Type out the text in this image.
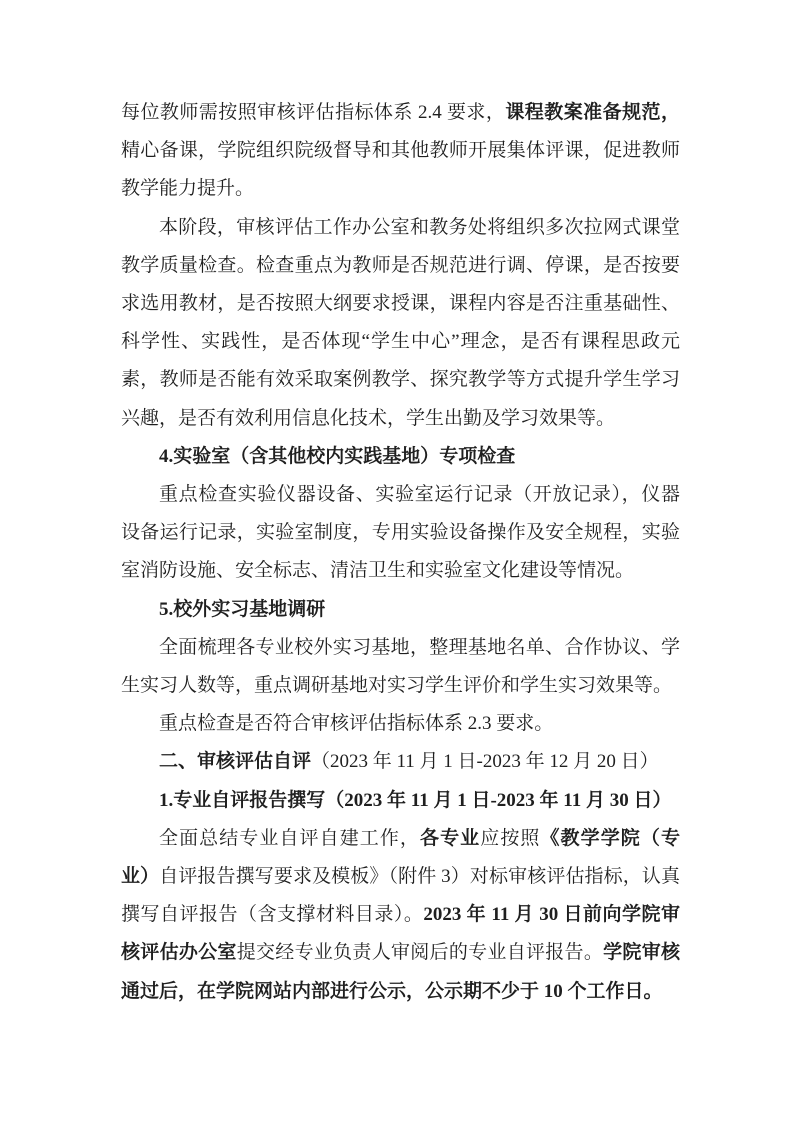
每位教师需按照审核评估指标体系 2.4 要求，课程教案准备规范，精心备课，学院组织院级督导和其他教师开展集体评课，促进教师教学能力提升。

本阶段，审核评估工作办公室和教务处将组织多次拉网式课堂教学质量检查。检查重点为教师是否规范进行调、停课，是否按要求选用教材，是否按照大纲要求授课，课程内容是否注重基础性、科学性、实践性，是否体现“学生中心”理念，是否有课程思政元素，教师是否能有效采取案例教学、探究教学等方式提升学生学习兴趣，是否有效利用信息化技术，学生出勤及学习效果等。

4.实验室（含其他校内实践基地）专项检查

重点检查实验仪器设备、实验室运行记录（开放记录），仪器设备运行记录，实验室制度，专用实验设备操作及安全规程，实验室消防设施、安全标志、清洁卫生和实验室文化建设等情况。

5.校外实习基地调研

全面梳理各专业校外实习基地，整理基地名单、合作协议、学生实习人数等，重点调研基地对实习学生评价和学生实习效果等。

重点检查是否符合审核评估指标体系 2.3 要求。

二、审核评估自评（2023 年 11 月 1 日-2023 年 12 月 20 日）

1.专业自评报告撰写（2023 年 11 月 1 日-2023 年 11 月 30 日）

全面总结专业自评自建工作，各专业应按照《教学学院（专业）自评报告撰写要求及模板》（附件 3）对标审核评估指标，认真撰写自评报告（含支撑材料目录）。2023 年 11 月 30 日前向学院审核评估办公室提交经专业负责人审阅后的专业自评报告。学院审核通过后，在学院网站内部进行公示，公示期不少于 10 个工作日。
